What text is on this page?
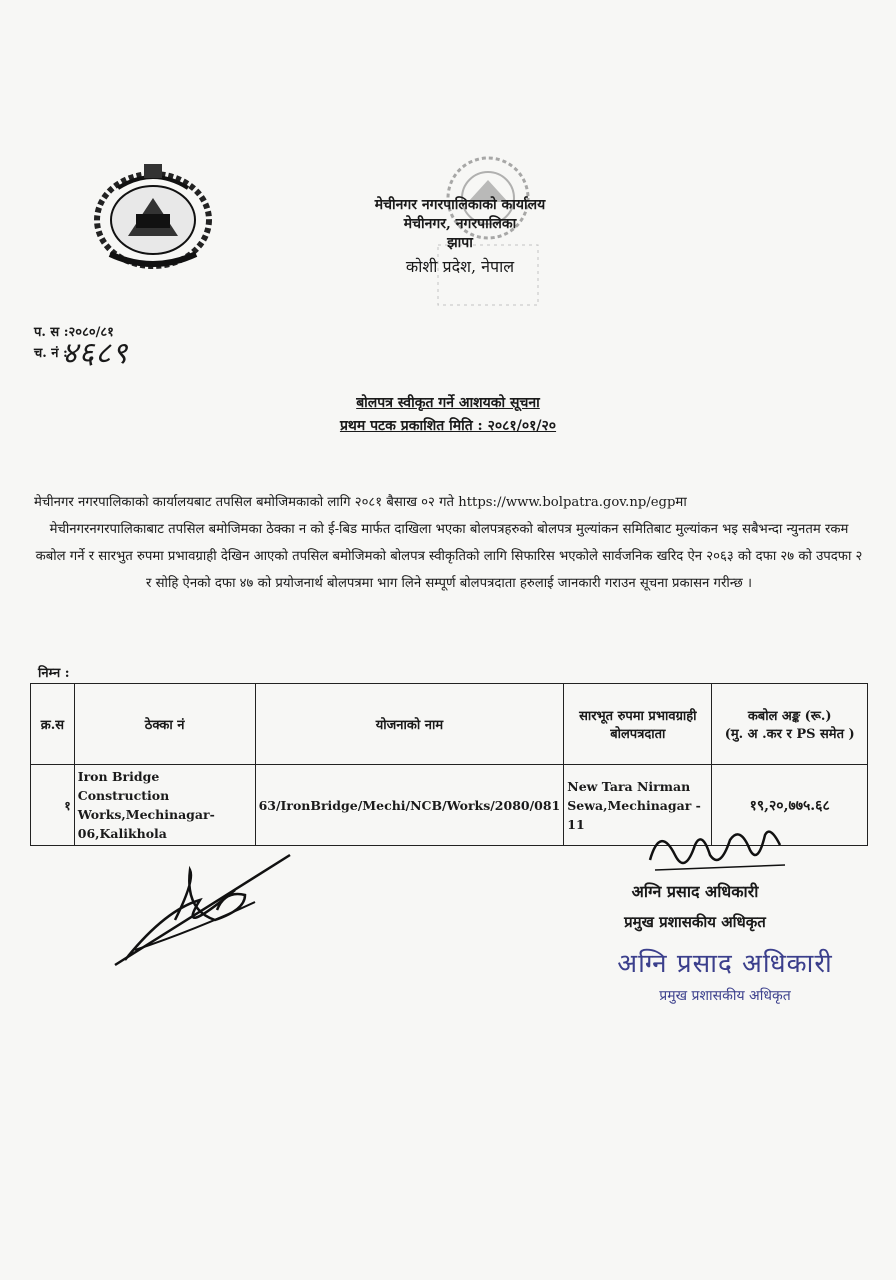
मेचीनगर नगरपालिकाको कार्यालय
मेचीनगर, नगरपालिका
झापा
कोशी प्रदेश, नेपाल
प. स :२०८०/८१
च. नं :
४६८९
बोलपत्र स्वीकृत गर्ने आशयको सूचना
प्रथम पटक प्रकाशित मिति : २०८१/०१/२०
मेचीनगर नगरपालिकाको कार्यालयबाट तपसिल बमोजिमकाको लागि २०८१ बैसाख ०२ गते https://www.bolpatra.gov.np/egpमा
मेचीनगरनगरपालिकाबाट तपसिल बमोजिमका ठेक्का न को ई-बिड मार्फत दाखिला भएका बोलपत्रहरुको बोलपत्र मुल्यांकन समितिबाट मुल्यांकन भइ सबैभन्दा न्युनतम रकम कबोल गर्ने र सारभुत रुपमा प्रभावग्राही देखिन आएको तपसिल बमोजिमको बोलपत्र स्वीकृतिको लागि सिफारिस भएकोले सार्वजनिक खरिद ऐन २०६३ को दफा २७ को उपदफा २ र सोहि ऐनको दफा ४७ को प्रयोजनार्थ बोलपत्रमा भाग लिने सम्पूर्ण बोलपत्रदाता हरुलाई जानकारी गराउन सूचना प्रकासन गरीन्छ ।
निम्न :
क्र.स	ठेक्का नं	योजनाको नाम	सारभूत रुपमा प्रभावग्राही बोलपत्रदाता	कबोल अङ्क (रू.)
(मु. अ .कर र PS समेत )

१	Iron Bridge Construction Works,Mechinagar-06,Kalikhola	63/IronBridge/Mechi/NCB/Works/2080/081	New Tara Nirman Sewa,Mechinagar - 11	१९,२०,७७५.६८
अग्नि प्रसाद अधिकारी
प्रमुख प्रशासकीय अधिकृत
अग्नि प्रसाद अधिकारी
प्रमुख प्रशासकीय अधिकृत
